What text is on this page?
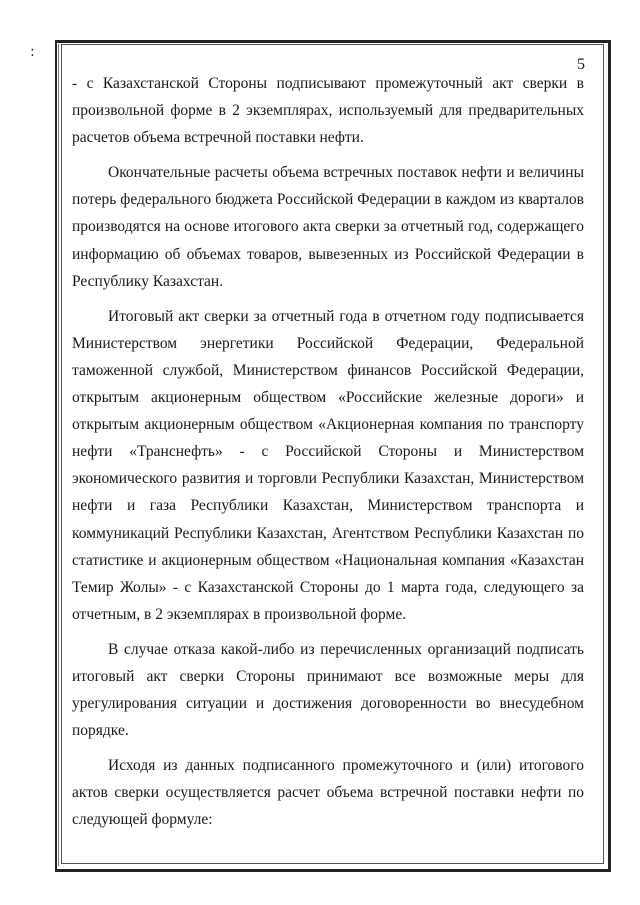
:
5

- с Казахстанской Стороны подписывают промежуточный акт сверки в произвольной форме в 2 экземплярах, используемый для предварительных расчетов объема встречной поставки нефти.

Окончательные расчеты объема встречных поставок нефти и величины потерь федерального бюджета Российской Федерации в каждом из кварталов производятся на основе итогового акта сверки за отчетный год, содержащего информацию об объемах товаров, вывезенных из Российской Федерации в Республику Казахстан.

Итоговый акт сверки за отчетный года в отчетном году подписывается Министерством энергетики Российской Федерации, Федеральной таможенной службой, Министерством финансов Российской Федерации, открытым акционерным обществом «Российские железные дороги» и открытым акционерным обществом «Акционерная компания по транспорту нефти «Транснефть» - с Российской Стороны и Министерством экономического развития и торговли Республики Казахстан, Министерством нефти и газа Республики Казахстан, Министерством транспорта и коммуникаций Республики Казахстан, Агентством Республики Казахстан по статистике и акционерным обществом «Национальная компания «Казахстан Темир Жолы» - с Казахстанской Стороны до 1 марта года, следующего за отчетным, в 2 экземплярах в произвольной форме.

В случае отказа какой-либо из перечисленных организаций подписать итоговый акт сверки Стороны принимают все возможные меры для урегулирования ситуации и достижения договоренности во внесудебном порядке.

Исходя из данных подписанного промежуточного и (или) итогового актов сверки осуществляется расчет объема встречной поставки нефти по следующей формуле:
